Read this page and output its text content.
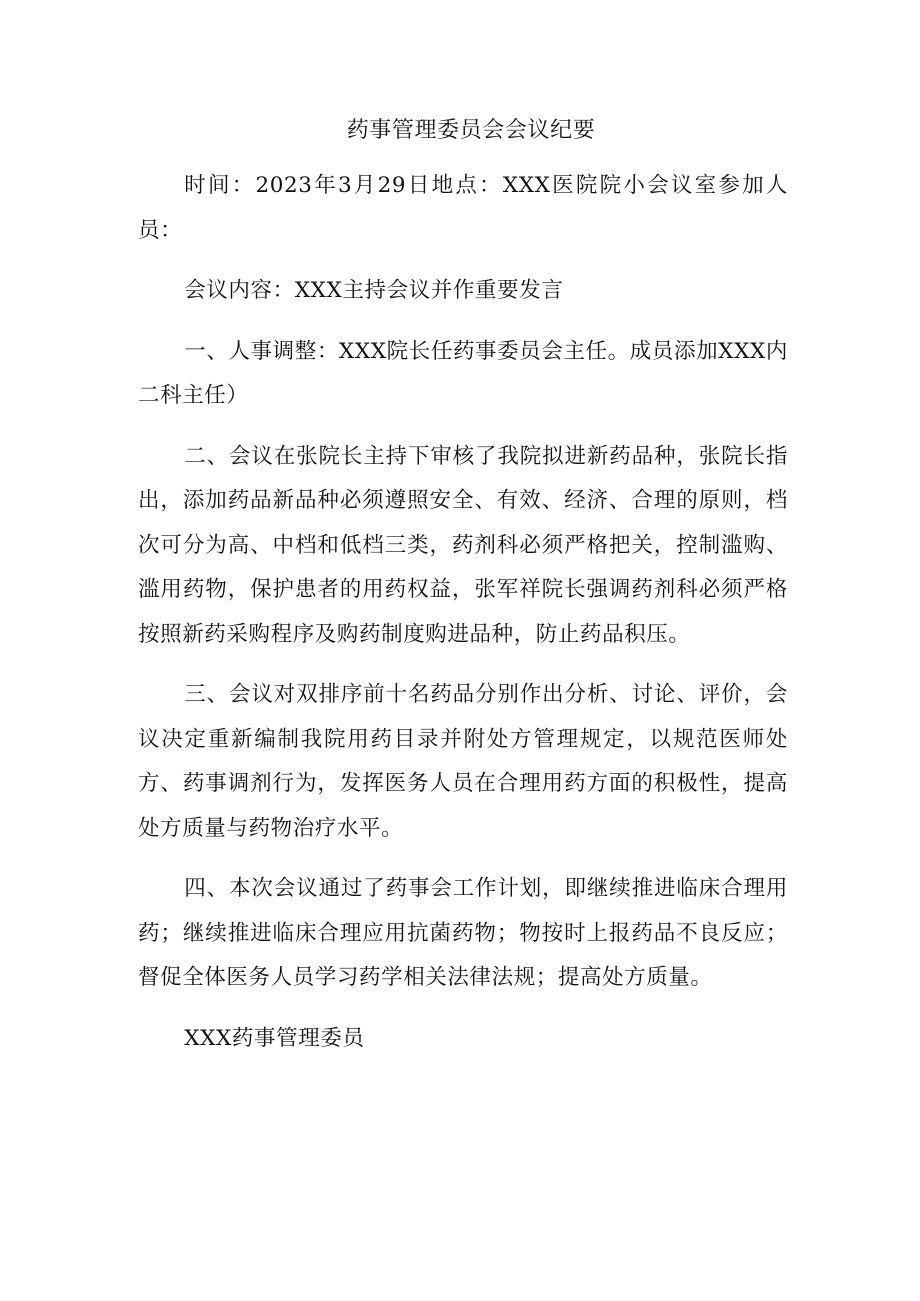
药事管理委员会会议纪要

时间：2023年3月29日地点：XXX医院院小会议室参加人员：

会议内容：XXX主持会议并作重要发言

一、人事调整：XXX院长任药事委员会主任。成员添加XXX内二科主任）

二、会议在张院长主持下审核了我院拟进新药品种，张院长指出，添加药品新品种必须遵照安全、有效、经济、合理的原则，档次可分为高、中档和低档三类，药剂科必须严格把关，控制滥购、滥用药物，保护患者的用药权益，张军祥院长强调药剂科必须严格按照新药采购程序及购药制度购进品种，防止药品积压。

三、会议对双排序前十名药品分别作出分析、讨论、评价，会议决定重新编制我院用药目录并附处方管理规定，以规范医师处方、药事调剂行为，发挥医务人员在合理用药方面的积极性，提高处方质量与药物治疗水平。

四、本次会议通过了药事会工作计划，即继续推进临床合理用药；继续推进临床合理应用抗菌药物；物按时上报药品不良反应；督促全体医务人员学习药学相关法律法规；提高处方质量。

XXX药事管理委员
